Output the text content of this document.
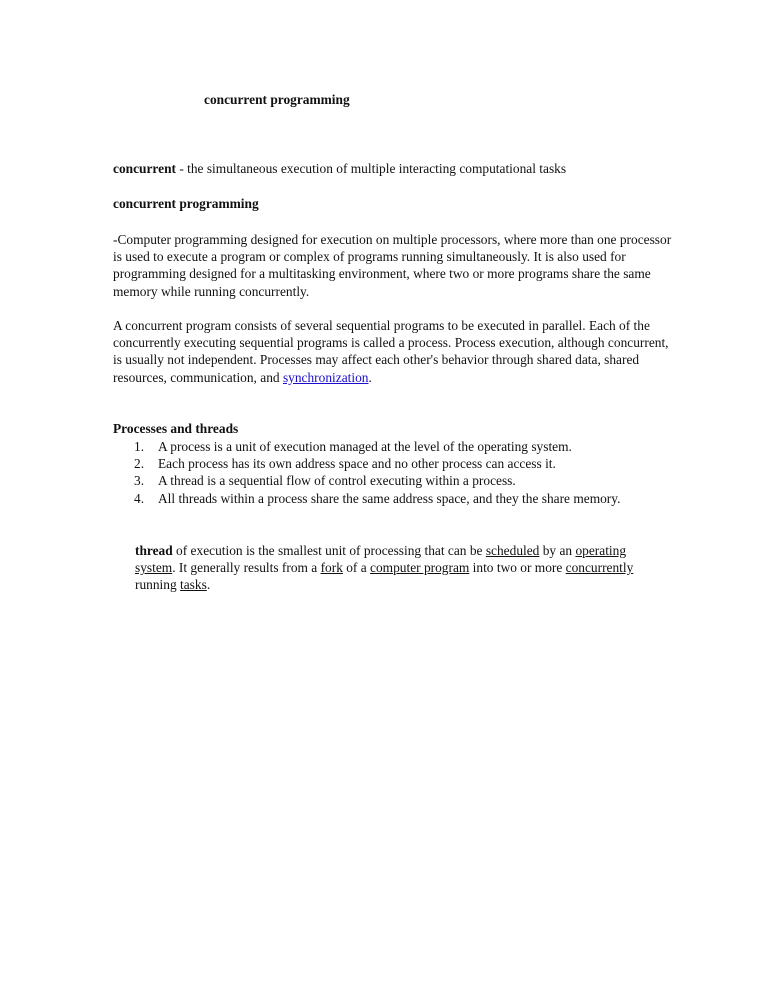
concurrent programming

concurrent - the simultaneous execution of multiple interacting computational tasks

concurrent programming

-Computer programming designed for execution on multiple processors, where more than one processor is used to execute a program or complex of programs running simultaneously. It is also used for programming designed for a multitasking environment, where two or more programs share the same memory while running concurrently.

A concurrent program consists of several sequential programs to be executed in parallel. Each of the concurrently executing sequential programs is called a process. Process execution, although concurrent, is usually not independent. Processes may affect each other's behavior through shared data, shared resources, communication, and synchronization.

Processes and threads
1. A process is a unit of execution managed at the level of the operating system.
2. Each process has its own address space and no other process can access it.
3. A thread is a sequential flow of control executing within a process.
4. All threads within a process share the same address space, and they the share memory.

thread of execution is the smallest unit of processing that can be scheduled by an operating system. It generally results from a fork of a computer program into two or more concurrently running tasks.
